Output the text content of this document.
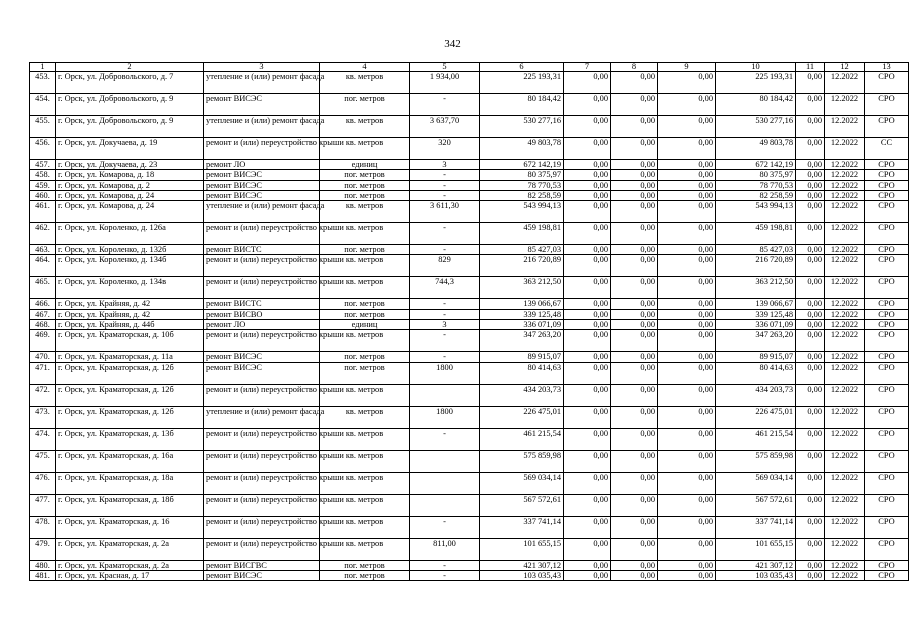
342
1	2	3	4	5	6	7	8	9	10	11	12	13
453.	г. Орск, ул. Добровольского, д. 7	утепление и (или) ремонт фасада	кв. метров	1 934,00	225 193,31	0,00	0,00	0,00	225 193,31	0,00	12.2022	СРО
454.	г. Орск, ул. Добровольского, д. 9	ремонт ВИСЭС	пог. метров	-	80 184,42	0,00	0,00	0,00	80 184,42	0,00	12.2022	СРО
455.	г. Орск, ул. Добровольского, д. 9	утепление и (или) ремонт фасада	кв. метров	3 637,70	530 277,16	0,00	0,00	0,00	530 277,16	0,00	12.2022	СРО
456.	г. Орск, ул. Докучаева, д. 19	ремонт и (или) переустройство крыши	кв. метров	320	49 803,78	0,00	0,00	0,00	49 803,78	0,00	12.2022	СС
457.	г. Орск, ул. Докучаева, д. 23	ремонт ЛО	единиц	3	672 142,19	0,00	0,00	0,00	672 142,19	0,00	12.2022	СРО
458.	г. Орск, ул. Комарова, д. 18	ремонт ВИСЭС	пог. метров	-	80 375,97	0,00	0,00	0,00	80 375,97	0,00	12.2022	СРО
459.	г. Орск, ул. Комарова, д. 2	ремонт ВИСЭС	пог. метров	-	78 770,53	0,00	0,00	0,00	78 770,53	0,00	12.2022	СРО
460.	г. Орск, ул. Комарова, д. 24	ремонт ВИСЭС	пог. метров	-	82 258,59	0,00	0,00	0,00	82 258,59	0,00	12.2022	СРО
461.	г. Орск, ул. Комарова, д. 24	утепление и (или) ремонт фасада	кв. метров	3 611,30	543 994,13	0,00	0,00	0,00	543 994,13	0,00	12.2022	СРО
462.	г. Орск, ул. Короленко, д. 126а	ремонт и (или) переустройство крыши	кв. метров	-	459 198,81	0,00	0,00	0,00	459 198,81	0,00	12.2022	СРО
463.	г. Орск, ул. Короленко, д. 132б	ремонт ВИСТС	пог. метров	-	85 427,03	0,00	0,00	0,00	85 427,03	0,00	12.2022	СРО
464.	г. Орск, ул. Короленко, д. 134б	ремонт и (или) переустройство крыши	кв. метров	829	216 720,89	0,00	0,00	0,00	216 720,89	0,00	12.2022	СРО
465.	г. Орск, ул. Короленко, д. 134в	ремонт и (или) переустройство крыши	кв. метров	744,3	363 212,50	0,00	0,00	0,00	363 212,50	0,00	12.2022	СРО
466.	г. Орск, ул. Крайняя, д. 42	ремонт ВИСТС	пог. метров	-	139 066,67	0,00	0,00	0,00	139 066,67	0,00	12.2022	СРО
467.	г. Орск, ул. Крайняя, д. 42	ремонт ВИСВО	пог. метров	-	339 125,48	0,00	0,00	0,00	339 125,48	0,00	12.2022	СРО
468.	г. Орск, ул. Крайняя, д. 44б	ремонт ЛО	единиц	3	336 071,09	0,00	0,00	0,00	336 071,09	0,00	12.2022	СРО
469.	г. Орск, ул. Краматорская, д. 10б	ремонт и (или) переустройство крыши	кв. метров	-	347 263,20	0,00	0,00	0,00	347 263,20	0,00	12.2022	СРО
470.	г. Орск, ул. Краматорская, д. 11а	ремонт ВИСЭС	пог. метров	-	89 915,07	0,00	0,00	0,00	89 915,07	0,00	12.2022	СРО
471.	г. Орск, ул. Краматорская, д. 12б	ремонт ВИСЭС	пог. метров	1800	80 414,63	0,00	0,00	0,00	80 414,63	0,00	12.2022	СРО
472.	г. Орск, ул. Краматорская, д. 12б	ремонт и (или) переустройство крыши	кв. метров		434 203,73	0,00	0,00	0,00	434 203,73	0,00	12.2022	СРО
473.	г. Орск, ул. Краматорская, д. 12б	утепление и (или) ремонт фасада	кв. метров	1800	226 475,01	0,00	0,00	0,00	226 475,01	0,00	12.2022	СРО
474.	г. Орск, ул. Краматорская, д. 13б	ремонт и (или) переустройство крыши	кв. метров	-	461 215,54	0,00	0,00	0,00	461 215,54	0,00	12.2022	СРО
475.	г. Орск, ул. Краматорская, д. 16а	ремонт и (или) переустройство крыши	кв. метров		575 859,98	0,00	0,00	0,00	575 859,98	0,00	12.2022	СРО
476.	г. Орск, ул. Краматорская, д. 18а	ремонт и (или) переустройство крыши	кв. метров		569 034,14	0,00	0,00	0,00	569 034,14	0,00	12.2022	СРО
477.	г. Орск, ул. Краматорская, д. 18б	ремонт и (или) переустройство крыши	кв. метров		567 572,61	0,00	0,00	0,00	567 572,61	0,00	12.2022	СРО
478.	г. Орск, ул. Краматорская, д. 16	ремонт и (или) переустройство крыши	кв. метров	-	337 741,14	0,00	0,00	0,00	337 741,14	0,00	12.2022	СРО
479.	г. Орск, ул. Краматорская, д. 2а	ремонт и (или) переустройство крыши	кв. метров	811,00	101 655,15	0,00	0,00	0,00	101 655,15	0,00	12.2022	СРО
480.	г. Орск, ул. Краматорская, д. 2а	ремонт ВИСГВС	пог. метров	-	421 307,12	0,00	0,00	0,00	421 307,12	0,00	12.2022	СРО
481.	г. Орск, ул. Красная, д. 17	ремонт ВИСЭС	пог. метров	-	103 035,43	0,00	0,00	0,00	103 035,43	0,00	12.2022	СРО
